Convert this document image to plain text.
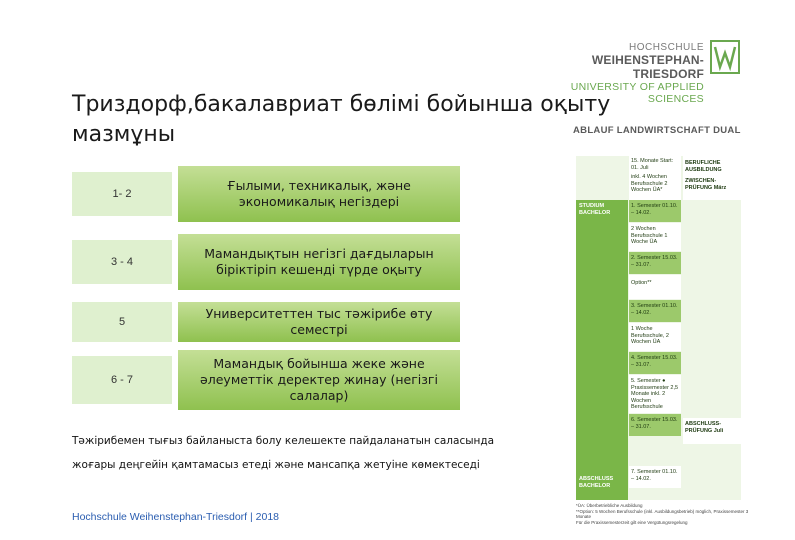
HOCHSCHULE
WEIHENSTEPHAN-TRIESDORF
UNIVERSITY OF APPLIED SCIENCES
Триздорф,бакалавриат бөлімі бойынша оқыту мазмұны
1- 2
Ғылыми, техникалық, және экономикалық негіздері
3 - 4
Мамандықтын негізгі дағдыларын біріктіріп кешенді түрде оқыту
5
Университеттен тыс тәжірибе өту семестрі
6 - 7
Мамандық бойынша жеке және әлеуметтік деректер жинау (негізгі салалар)
Тәжірибемен тығыз байланыста болу келешекте пайдаланатын саласында
жоғары деңгейін қамтамасыз етеді және мансапқа жетуіне көмектеседі
Hochschule Weihenstephan-Triesdorf | 2018
ABLAUF LANDWIRTSCHAFT DUAL
STUDIUM BACHELOR
ABSCHLUSS BACHELOR
15. Monate Start: 01. Juli
inkl. 4 Wochen Berufsschule 2 Wochen ÜA*
1. Semester 01.10. – 14.02.
2 Wochen Berufsschule 1 Woche ÜA
2. Semester 15.03. – 31.07.
Option**
3. Semester 01.10. – 14.02.
1 Woche Berufsschule, 2 Wochen ÜA
4. Semester 15.03. – 31.07.
5. Semester ● Praxissemester 2,5 Monate inkl. 2 Wochen Berufsschule
6. Semester 15.03. – 31.07.
7. Semester 01.10. – 14.02.
BERUFLICHE AUSBILDUNG
ZWISCHEN-PRÜFUNG März
ABSCHLUSS-PRÜFUNG Juli
*ÜA: Überbetriebliche Ausbildung
**Option: 5 Wochen Berufsschule (inkl. Ausbildungsbetrieb) möglich, Praxissemester 3 Monate
Für die Praxissemesterzeit gilt eine Vergütungsregelung
